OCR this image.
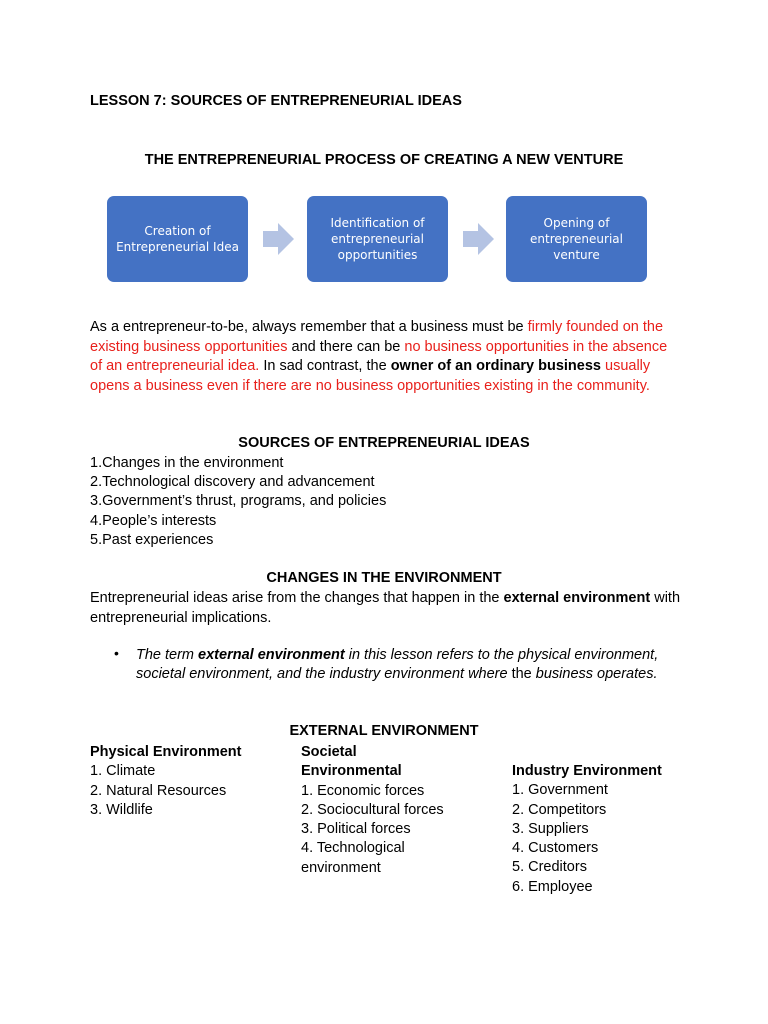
LESSON 7: SOURCES OF ENTREPRENEURIAL IDEAS

THE ENTREPRENEURIAL PROCESS OF CREATING A NEW VENTURE

Creation of
Entrepreneurial Idea
Identification of
entrepreneurial
opportunities
Opening of
entrepreneurial
venture

As a entrepreneur-to-be, always remember that a business must be firmly founded on the existing business opportunities and there can be no business opportunities in the absence of an entrepreneurial idea. In sad contrast, the owner of an ordinary business usually opens a business even if there are no business opportunities existing in the community.

SOURCES OF ENTREPRENEURIAL IDEAS

1.Changes in the environment
2.Technological discovery and advancement
3.Government’s thrust, programs, and policies
4.People’s interests
5.Past experiences

CHANGES IN THE ENVIRONMENT

Entrepreneurial ideas arise from the changes that happen in the external environment with entrepreneurial implications.

• The term external environment in this lesson refers to the physical environment, societal environment, and the industry environment where the business operates.

EXTERNAL ENVIRONMENT

Physical Environment
1. Climate
2. Natural Resources
3. Wildlife
Societal
Environmental
1. Economic forces
2. Sociocultural forces
3. Political forces
4. Technological
environment
Industry Environment
1. Government
2. Competitors
3. Suppliers
4. Customers
5. Creditors
6. Employee
